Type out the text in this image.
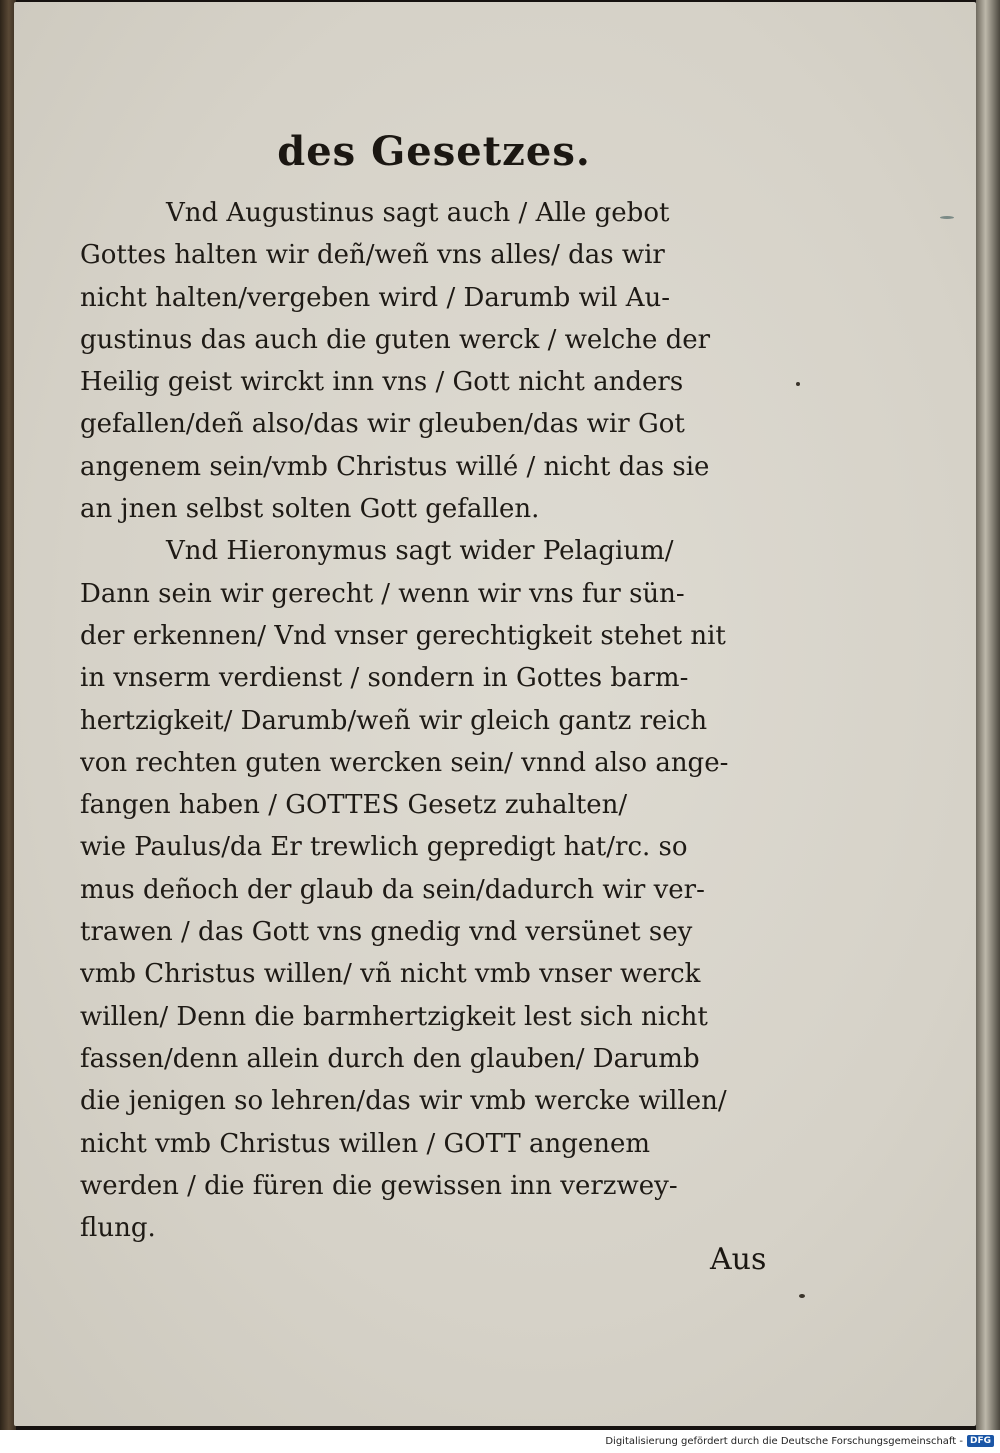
des Gesetzes.
Vnd Augustinus sagt auch / Alle gebot
Gottes halten wir deñ/weñ vns alles/ das wir
nicht halten/vergeben wird / Darumb wil Au-
gustinus das auch die guten werck / welche der
Heilig geist wirckt inn vns / Gott nicht anders
gefallen/deñ also/das wir gleuben/das wir Got
angenem sein/vmb Christus willé / nicht das sie
an jnen selbst solten Gott gefallen.
Vnd Hieronymus sagt wider Pelagium/
Dann sein wir gerecht / wenn wir vns fur sün-
der erkennen/ Vnd vnser gerechtigkeit stehet nit
in vnserm verdienst / sondern in Gottes barm-
hertzigkeit/ Darumb/weñ wir gleich gantz reich
von rechten guten wercken sein/ vnnd also ange-
fangen haben / GOTTES Gesetz zuhalten/
wie Paulus/da Er trewlich gepredigt hat/rc. so
mus deñoch der glaub da sein/dadurch wir ver-
trawen / das Gott vns gnedig vnd versünet sey
vmb Christus willen/ vñ nicht vmb vnser werck
willen/ Denn die barmhertzigkeit lest sich nicht
fassen/denn allein durch den glauben/ Darumb
die jenigen so lehren/das wir vmb wercke willen/
nicht vmb Christus willen / GOTT angenem
werden / die füren die gewissen inn verzwey-
flung.
Aus
Digitalisierung gefördert durch die Deutsche Forschungsgemeinschaft - DFG
